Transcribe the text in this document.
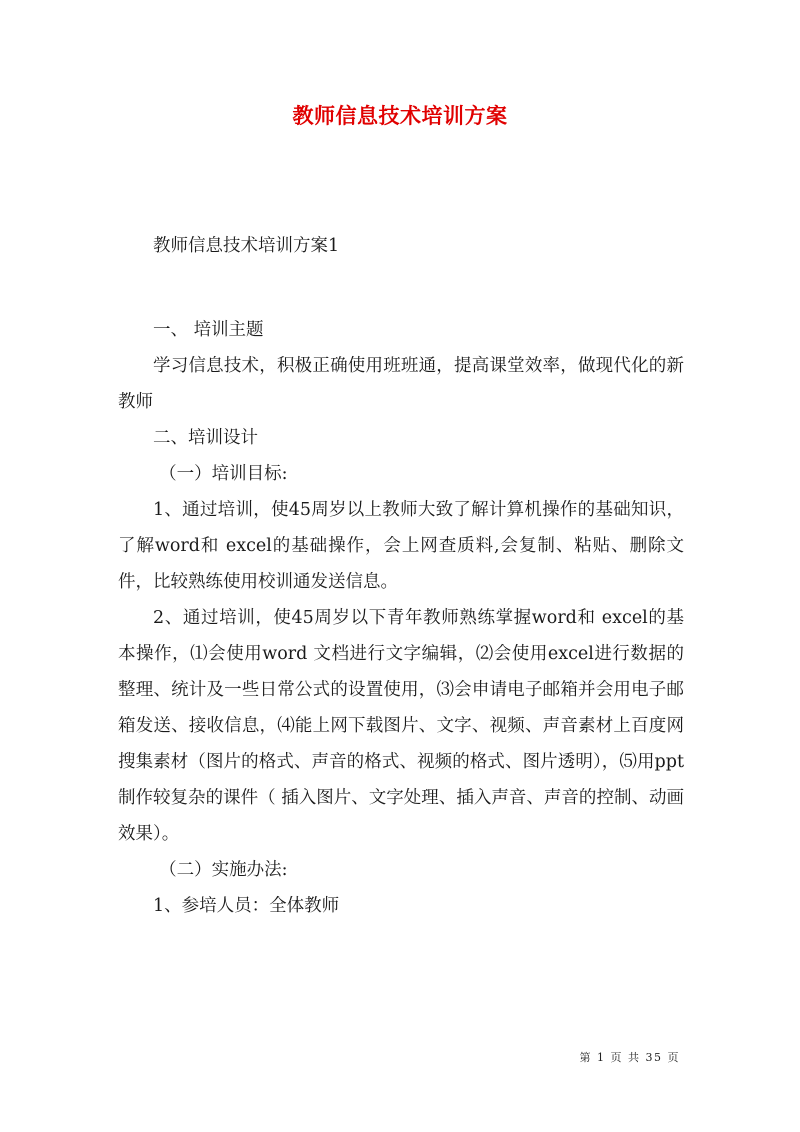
教师信息技术培训方案

教师信息技术培训方案1

一、 培训主题

学习信息技术，积极正确使用班班通，提高课堂效率，做现代化的新教师

二、培训设计

（一）培训目标:

1、通过培训，使45周岁以上教师大致了解计算机操作的基础知识，了解word和 excel的基础操作，会上网查质料,会复制、粘贴、删除文件，比较熟练使用校训通发送信息。

2、通过培训，使45周岁以下青年教师熟练掌握word和 excel的基本操作，⑴会使用word 文档进行文字编辑，⑵会使用excel进行数据的整理、统计及一些日常公式的设置使用，⑶会申请电子邮箱并会用电子邮箱发送、接收信息，⑷能上网下载图片、文字、视频、声音素材上百度网搜集素材（图片的格式、声音的格式、视频的格式、图片透明），⑸用ppt制作较复杂的课件（ 插入图片、文字处理、插入声音、声音的控制、动画效果）。

（二）实施办法:

1、参培人员：全体教师

第 1 页 共 35 页
